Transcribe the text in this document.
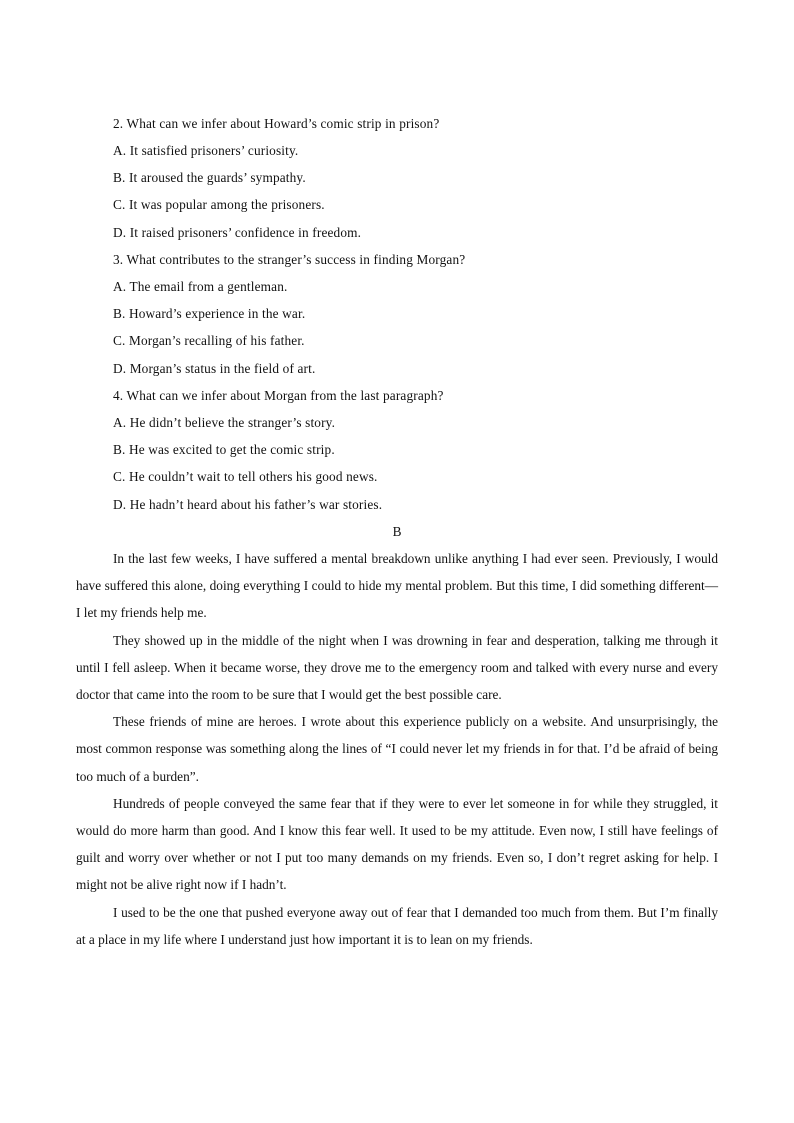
2. What can we infer about Howard’s comic strip in prison?
A. It satisfied prisoners’ curiosity.
B. It aroused the guards’ sympathy.
C. It was popular among the prisoners.
D. It raised prisoners’ confidence in freedom.
3. What contributes to the stranger’s success in finding Morgan?
A. The email from a gentleman.
B. Howard’s experience in the war.
C. Morgan’s recalling of his father.
D. Morgan’s status in the field of art.
4. What can we infer about Morgan from the last paragraph?
A. He didn’t believe the stranger’s story.
B. He was excited to get the comic strip.
C. He couldn’t wait to tell others his good news.
D. He hadn’t heard about his father’s war stories.
B

In the last few weeks, I have suffered a mental breakdown unlike anything I had ever seen. Previously, I would have suffered this alone, doing everything I could to hide my mental problem. But this time, I did something different—I let my friends help me.

They showed up in the middle of the night when I was drowning in fear and desperation, talking me through it until I fell asleep. When it became worse, they drove me to the emergency room and talked with every nurse and every doctor that came into the room to be sure that I would get the best possible care.

These friends of mine are heroes. I wrote about this experience publicly on a website. And unsurprisingly, the most common response was something along the lines of “I could never let my friends in for that. I’d be afraid of being too much of a burden”.

Hundreds of people conveyed the same fear that if they were to ever let someone in for while they struggled, it would do more harm than good. And I know this fear well. It used to be my attitude. Even now, I still have feelings of guilt and worry over whether or not I put too many demands on my friends. Even so, I don’t regret asking for help. I might not be alive right now if I hadn’t.

I used to be the one that pushed everyone away out of fear that I demanded too much from them. But I’m finally at a place in my life where I understand just how important it is to lean on my friends.
